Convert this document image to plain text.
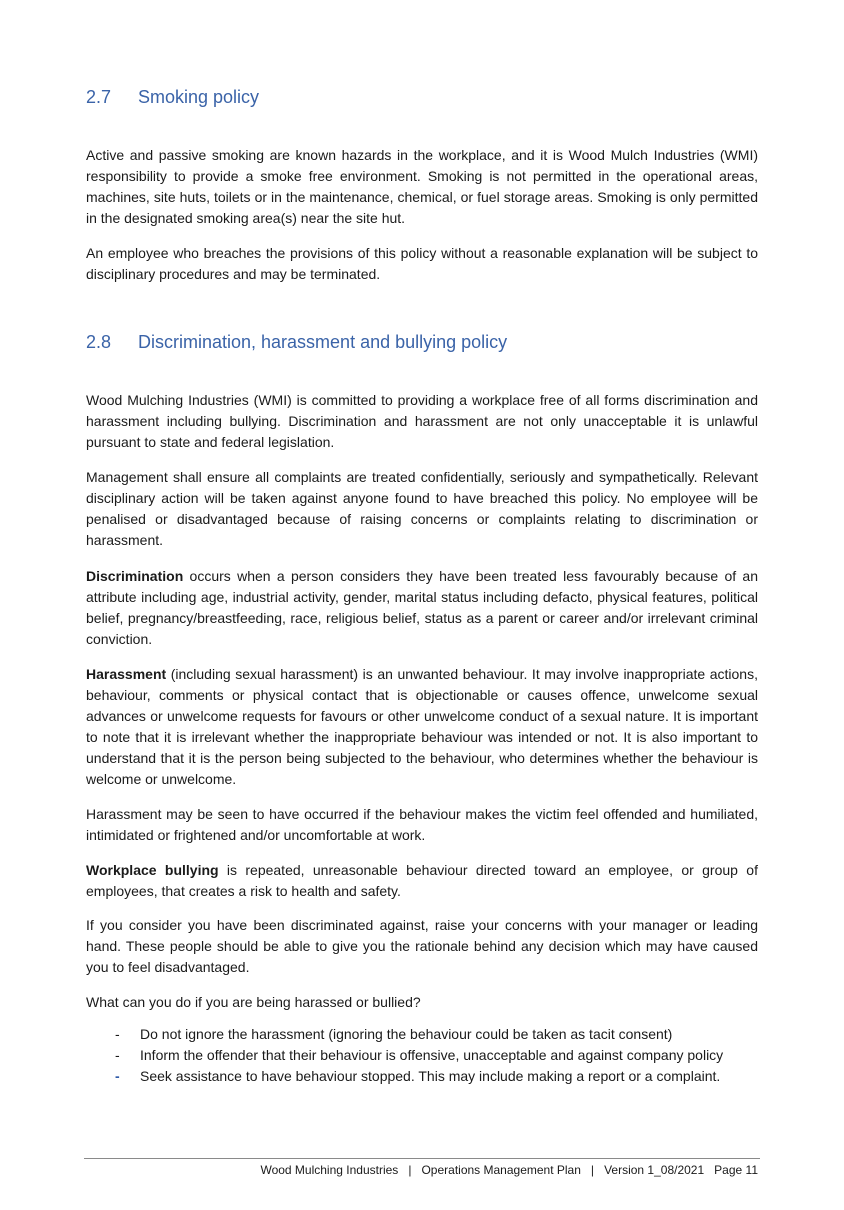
2.7 Smoking policy

Active and passive smoking are known hazards in the workplace, and it is Wood Mulch Industries (WMI) responsibility to provide a smoke free environment. Smoking is not permitted in the operational areas, machines, site huts, toilets or in the maintenance, chemical, or fuel storage areas. Smoking is only permitted in the designated smoking area(s) near the site hut.

An employee who breaches the provisions of this policy without a reasonable explanation will be subject to disciplinary procedures and may be terminated.

2.8 Discrimination, harassment and bullying policy

Wood Mulching Industries (WMI) is committed to providing a workplace free of all forms discrimination and harassment including bullying. Discrimination and harassment are not only unacceptable it is unlawful pursuant to state and federal legislation.

Management shall ensure all complaints are treated confidentially, seriously and sympathetically. Relevant disciplinary action will be taken against anyone found to have breached this policy. No employee will be penalised or disadvantaged because of raising concerns or complaints relating to discrimination or harassment.

Discrimination occurs when a person considers they have been treated less favourably because of an attribute including age, industrial activity, gender, marital status including defacto, physical features, political belief, pregnancy/breastfeeding, race, religious belief, status as a parent or career and/or irrelevant criminal conviction.

Harassment (including sexual harassment) is an unwanted behaviour. It may involve inappropriate actions, behaviour, comments or physical contact that is objectionable or causes offence, unwelcome sexual advances or unwelcome requests for favours or other unwelcome conduct of a sexual nature. It is important to note that it is irrelevant whether the inappropriate behaviour was intended or not. It is also important to understand that it is the person being subjected to the behaviour, who determines whether the behaviour is welcome or unwelcome.

Harassment may be seen to have occurred if the behaviour makes the victim feel offended and humiliated, intimidated or frightened and/or uncomfortable at work.

Workplace bullying is repeated, unreasonable behaviour directed toward an employee, or group of employees, that creates a risk to health and safety.

If you consider you have been discriminated against, raise your concerns with your manager or leading hand. These people should be able to give you the rationale behind any decision which may have caused you to feel disadvantaged.

What can you do if you are being harassed or bullied?

- Do not ignore the harassment (ignoring the behaviour could be taken as tacit consent)
- Inform the offender that their behaviour is offensive, unacceptable and against company policy
- Seek assistance to have behaviour stopped. This may include making a report or a complaint.
Wood Mulching Industries | Operations Management Plan | Version 1_08/2021 Page 11
